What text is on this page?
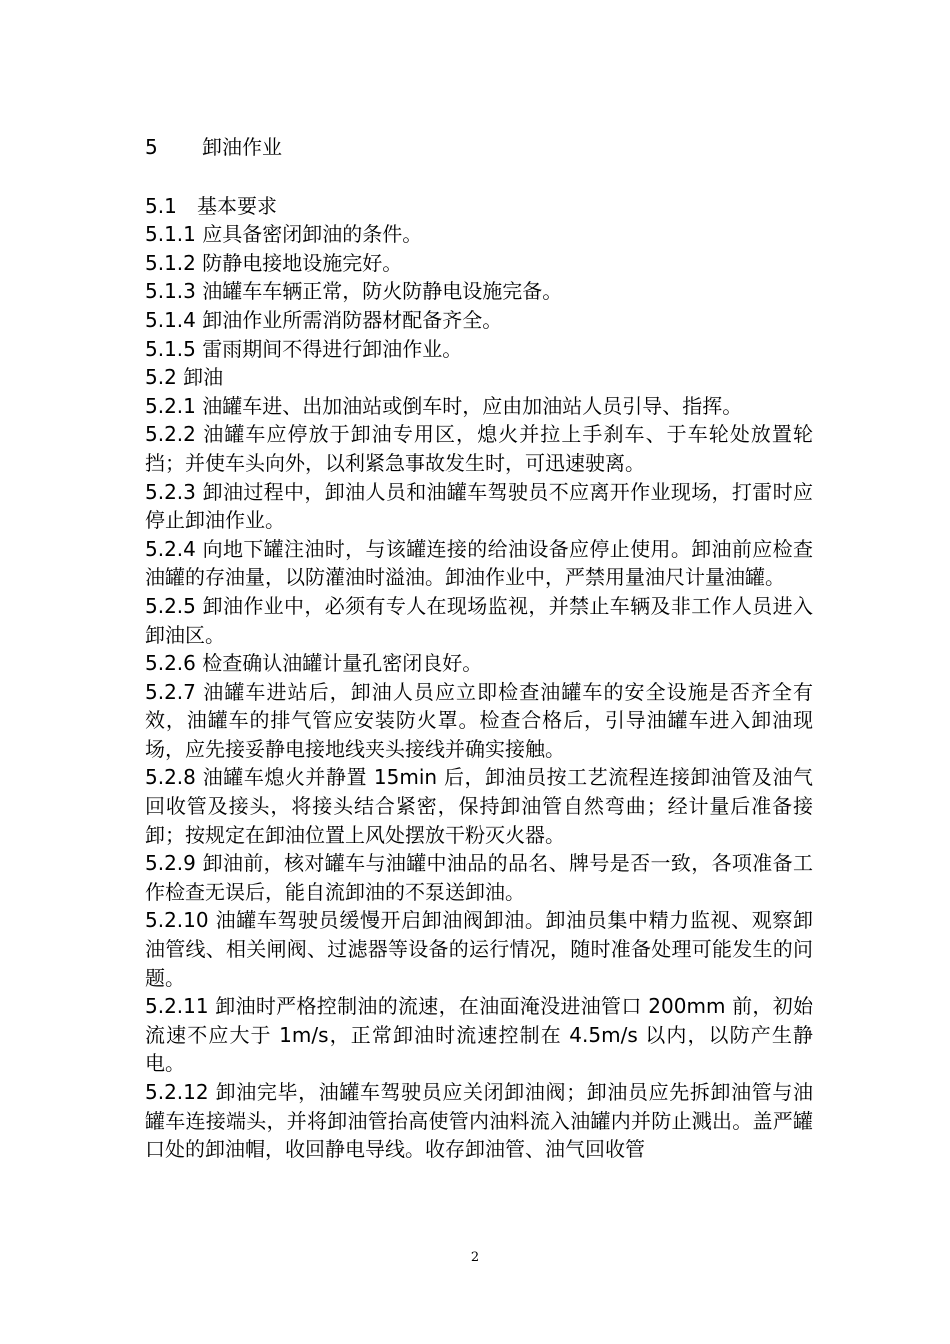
5	卸油作业
5.1	基本要求

5.1.1 应具备密闭卸油的条件。

5.1.2 防静电接地设施完好。

5.1.3 油罐车车辆正常，防火防静电设施完备。

5.1.4 卸油作业所需消防器材配备齐全。

5.1.5 雷雨期间不得进行卸油作业。

5.2 卸油

5.2.1 油罐车进、出加油站或倒车时，应由加油站人员引导、指挥。

5.2.2 油罐车应停放于卸油专用区，熄火并拉上手刹车、于车轮处放置轮挡；并使车头向外，以利紧急事故发生时，可迅速驶离。

5.2.3 卸油过程中，卸油人员和油罐车驾驶员不应离开作业现场，打雷时应停止卸油作业。

5.2.4 向地下罐注油时，与该罐连接的给油设备应停止使用。卸油前应检查油罐的存油量，以防灌油时溢油。卸油作业中，严禁用量油尺计量油罐。

5.2.5 卸油作业中，必须有专人在现场监视，并禁止车辆及非工作人员进入卸油区。

5.2.6 检查确认油罐计量孔密闭良好。

5.2.7 油罐车进站后，卸油人员应立即检查油罐车的安全设施是否齐全有效，油罐车的排气管应安装防火罩。检查合格后，引导油罐车进入卸油现场，应先接妥静电接地线夹头接线并确实接触。

5.2.8 油罐车熄火并静置 15min 后，卸油员按工艺流程连接卸油管及油气回收管及接头，将接头结合紧密，保持卸油管自然弯曲；经计量后准备接卸；按规定在卸油位置上风处摆放干粉灭火器。

5.2.9 卸油前，核对罐车与油罐中油品的品名、牌号是否一致，各项准备工作检查无误后，能自流卸油的不泵送卸油。

5.2.10 油罐车驾驶员缓慢开启卸油阀卸油。卸油员集中精力监视、观察卸油管线、相关闸阀、过滤器等设备的运行情况，随时准备处理可能发生的问题。

5.2.11 卸油时严格控制油的流速，在油面淹没进油管口 200mm 前，初始流速不应大于 1m/s，正常卸油时流速控制在 4.5m/s 以内，以防产生静电。

5.2.12 卸油完毕，油罐车驾驶员应关闭卸油阀；卸油员应先拆卸油管与油罐车连接端头，并将卸油管抬高使管内油料流入油罐内并防止溅出。盖严罐口处的卸油帽，收回静电导线。收存卸油管、油气回收管

2
